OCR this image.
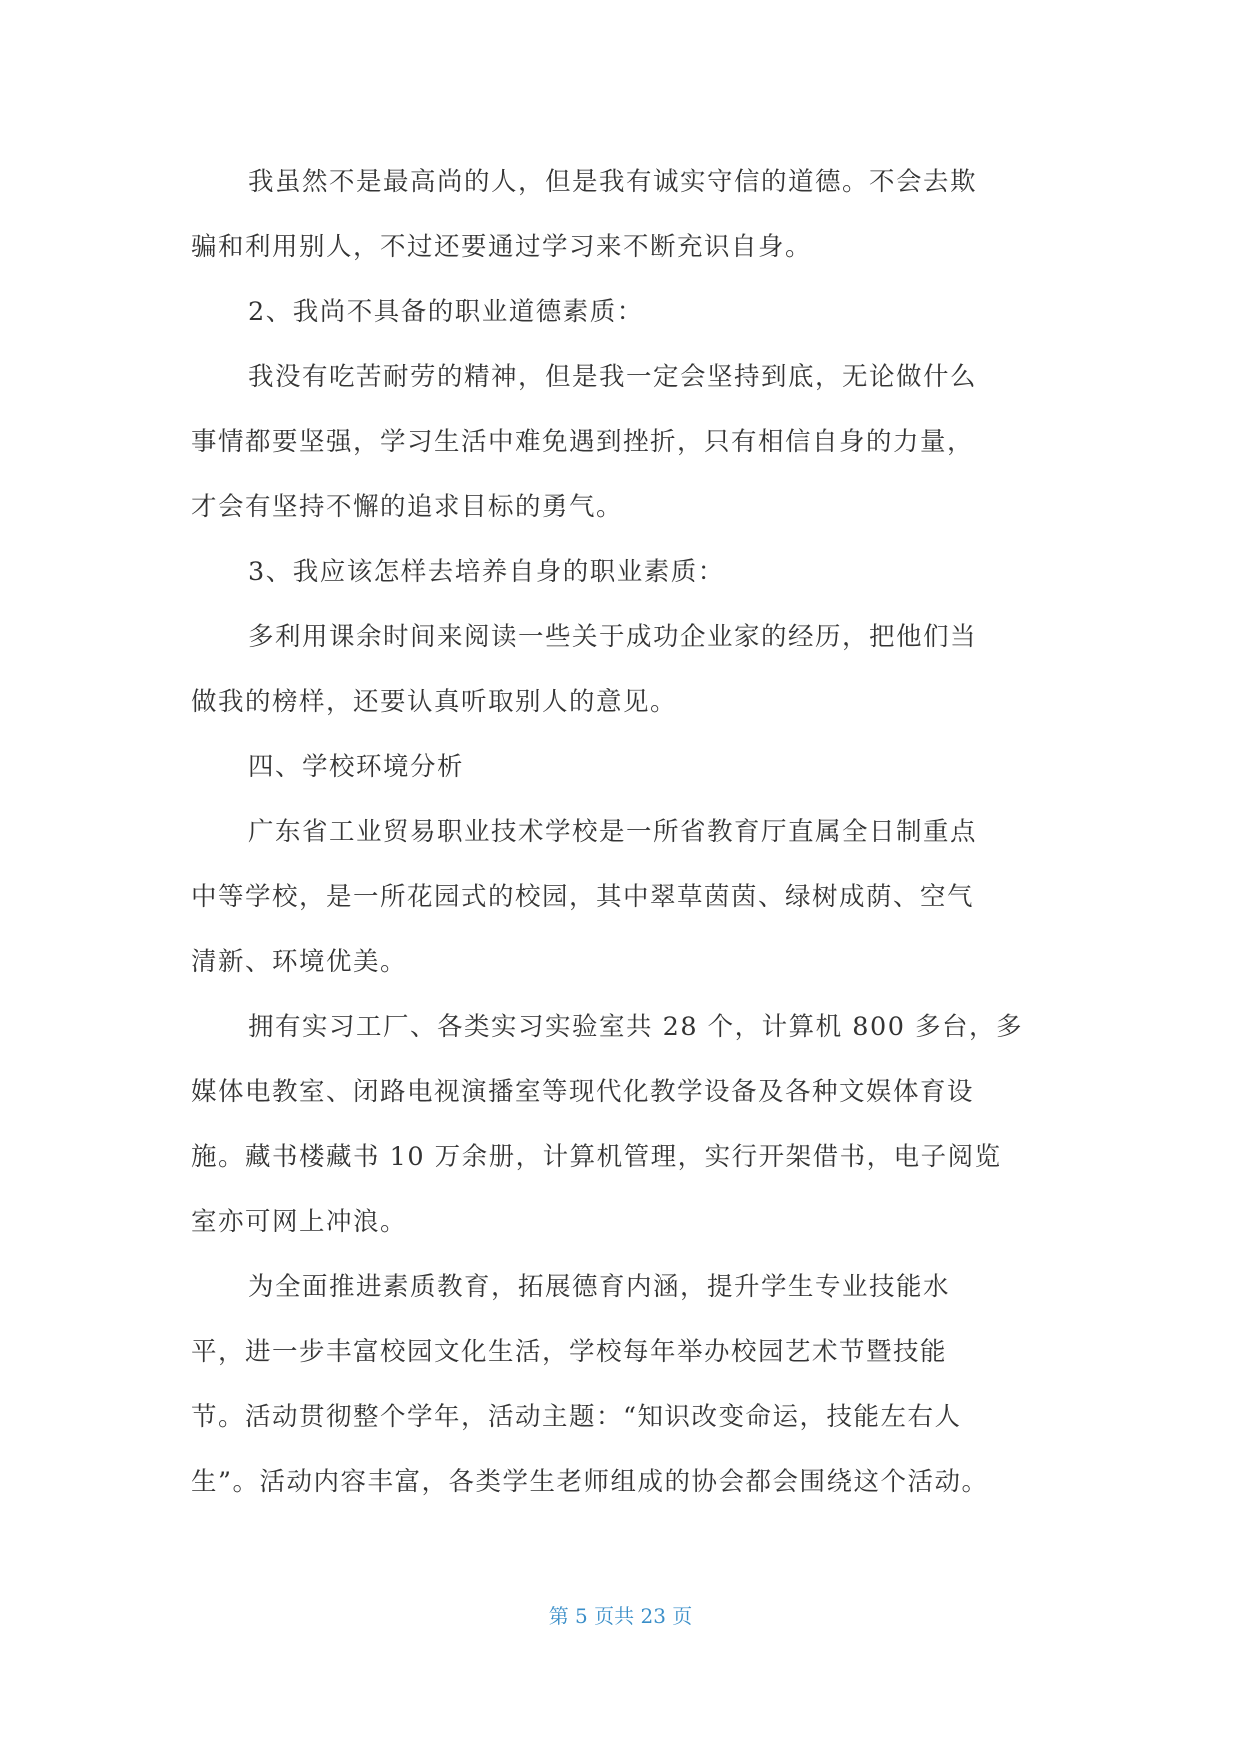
我虽然不是最高尚的人，但是我有诚实守信的道德。不会去欺
骗和利用别人，不过还要通过学习来不断充识自身。
2、我尚不具备的职业道德素质：
我没有吃苦耐劳的精神，但是我一定会坚持到底，无论做什么
事情都要坚强，学习生活中难免遇到挫折，只有相信自身的力量，
才会有坚持不懈的追求目标的勇气。
3、我应该怎样去培养自身的职业素质：
多利用课余时间来阅读一些关于成功企业家的经历，把他们当
做我的榜样，还要认真听取别人的意见。
四、学校环境分析
广东省工业贸易职业技术学校是一所省教育厅直属全日制重点
中等学校，是一所花园式的校园，其中翠草茵茵、绿树成荫、空气
清新、环境优美。
拥有实习工厂、各类实习实验室共 28 个，计算机 800 多台，多
媒体电教室、闭路电视演播室等现代化教学设备及各种文娱体育设
施。藏书楼藏书 10 万余册，计算机管理，实行开架借书，电子阅览
室亦可网上冲浪。
为全面推进素质教育，拓展德育内涵，提升学生专业技能水
平，进一步丰富校园文化生活，学校每年举办校园艺术节暨技能
节。活动贯彻整个学年，活动主题：“知识改变命运，技能左右人
生”。活动内容丰富，各类学生老师组成的协会都会围绕这个活动。
第 5 页共 23 页
